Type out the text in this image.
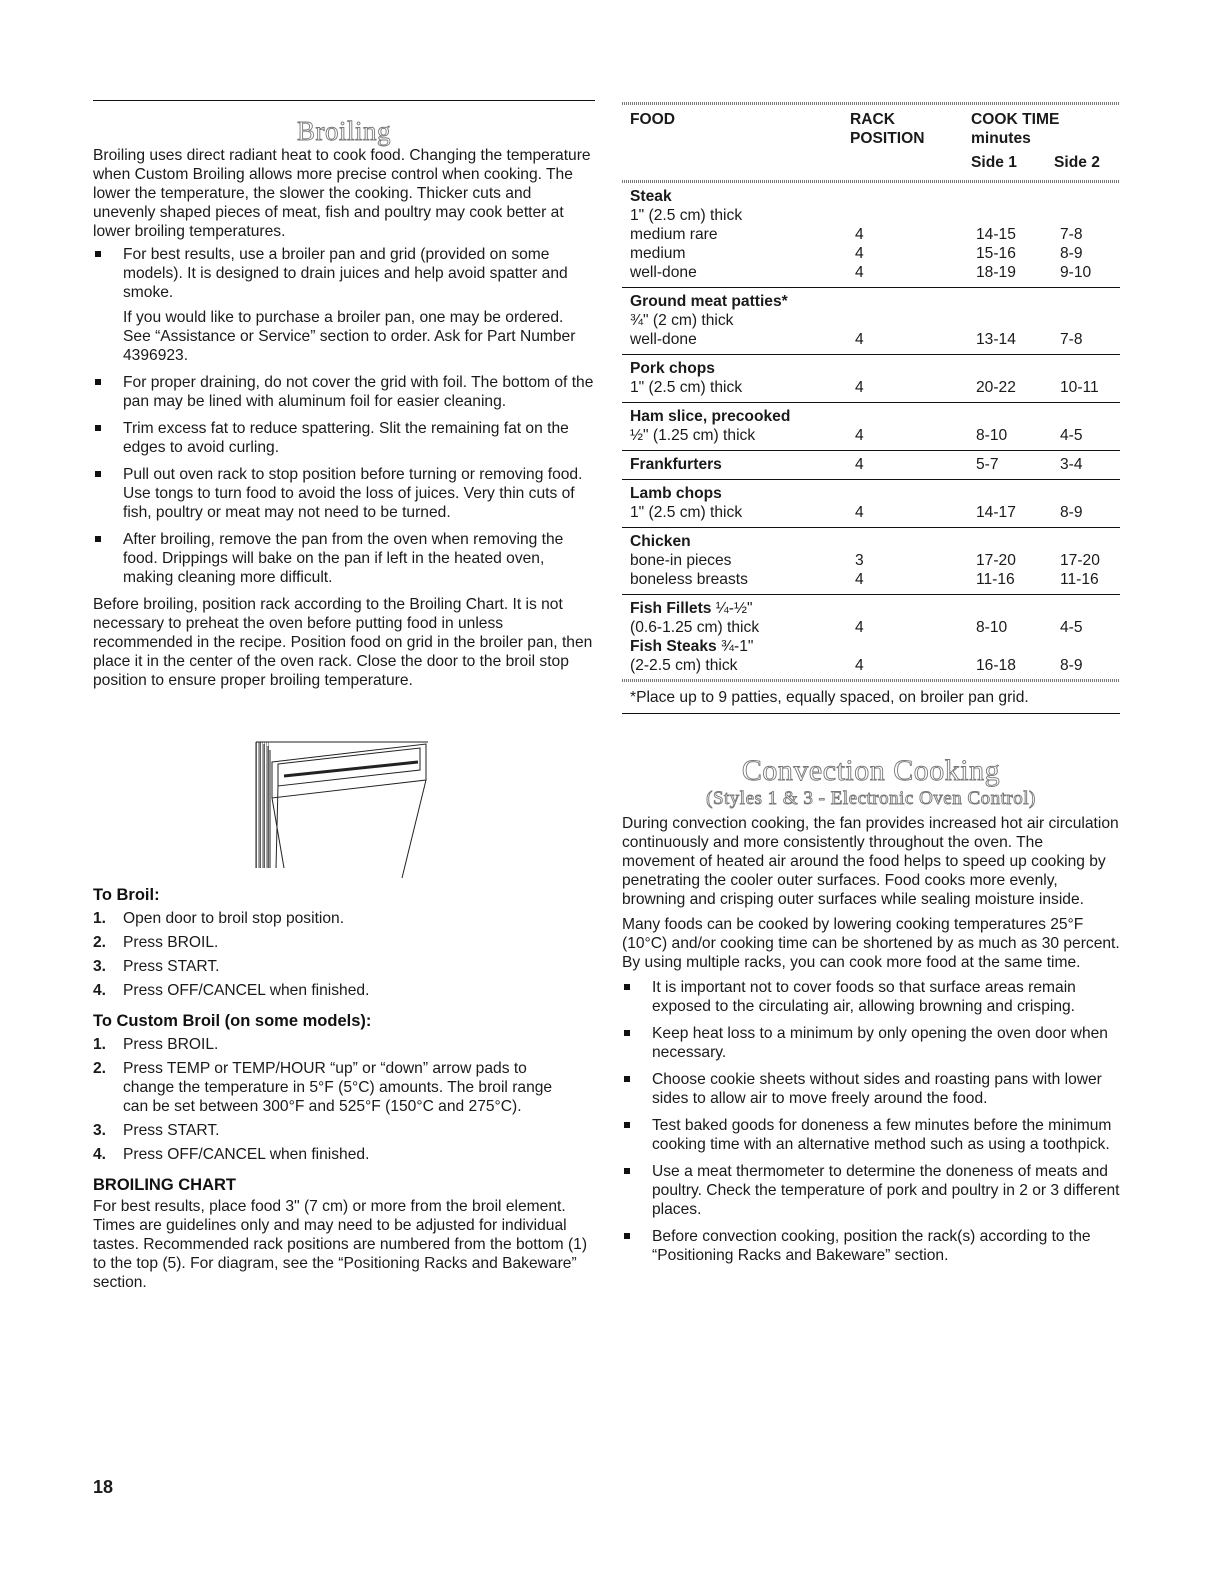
Broiling

Broiling uses direct radiant heat to cook food. Changing the temperature when Custom Broiling allows more precise control when cooking. The lower the temperature, the slower the cooking. Thicker cuts and unevenly shaped pieces of meat, fish and poultry may cook better at lower broiling temperatures.

For best results, use a broiler pan and grid (provided on some models). It is designed to drain juices and help avoid spatter and smoke.
If you would like to purchase a broiler pan, one may be ordered. See “Assistance or Service” section to order. Ask for Part Number 4396923.
For proper draining, do not cover the grid with foil. The bottom of the pan may be lined with aluminum foil for easier cleaning.
Trim excess fat to reduce spattering. Slit the remaining fat on the edges to avoid curling.
Pull out oven rack to stop position before turning or removing food. Use tongs to turn food to avoid the loss of juices. Very thin cuts of fish, poultry or meat may not need to be turned.
After broiling, remove the pan from the oven when removing the food. Drippings will bake on the pan if left in the heated oven, making cleaning more difficult.

Before broiling, position rack according to the Broiling Chart. It is not necessary to preheat the oven before putting food in unless recommended in the recipe. Position food on grid in the broiler pan, then place it in the center of the oven rack. Close the door to the broil stop position to ensure proper broiling temperature.

To Broil:
1. Open door to broil stop position.
2. Press BROIL.
3. Press START.
4. Press OFF/CANCEL when finished.
To Custom Broil (on some models):
1. Press BROIL.
2. Press TEMP or TEMP/HOUR “up” or “down” arrow pads to change the temperature in 5°F (5°C) amounts. The broil range can be set between 300°F and 525°F (150°C and 275°C).
3. Press START.
4. Press OFF/CANCEL when finished.
BROILING CHART

For best results, place food 3" (7 cm) or more from the broil element. Times are guidelines only and may need to be adjusted for individual tastes. Recommended rack positions are numbered from the bottom (1) to the top (5). For diagram, see the “Positioning Racks and Bakeware” section.

FOOD	RACK
POSITION
COOK TIME
minutes
Side 1 Side 2
Steak
1" (2.5 cm) thick
medium rare	4	14-15	7-8
medium	4	15-16	8-9
well-done	4	18-19	9-10
Ground meat patties*
¾" (2 cm) thick
well-done	4	13-14	7-8
Pork chops
1" (2.5 cm) thick	4	20-22	10-11
Ham slice, precooked
½" (1.25 cm) thick	4	8-10	4-5
Frankfurters	4	5-7	3-4
Lamb chops
1" (2.5 cm) thick	4	14-17	8-9
Chicken
bone-in pieces	3	17-20	17-20
boneless breasts	4	11-16	11-16
Fish Fillets ¼-½"
(0.6-1.25 cm) thick	4	8-10	4-5
Fish Steaks ¾-1"
(2-2.5 cm) thick	4	16-18	8-9
*Place up to 9 patties, equally spaced, on broiler pan grid.
Convection Cooking
(Styles 1 & 3 - Electronic Oven Control)

During convection cooking, the fan provides increased hot air circulation continuously and more consistently throughout the oven. The movement of heated air around the food helps to speed up cooking by penetrating the cooler outer surfaces. Food cooks more evenly, browning and crisping outer surfaces while sealing moisture inside.

Many foods can be cooked by lowering cooking temperatures 25°F (10°C) and/or cooking time can be shortened by as much as 30 percent. By using multiple racks, you can cook more food at the same time.

It is important not to cover foods so that surface areas remain exposed to the circulating air, allowing browning and crisping.
Keep heat loss to a minimum by only opening the oven door when necessary.
Choose cookie sheets without sides and roasting pans with lower sides to allow air to move freely around the food.
Test baked goods for doneness a few minutes before the minimum cooking time with an alternative method such as using a toothpick.
Use a meat thermometer to determine the doneness of meats and poultry. Check the temperature of pork and poultry in 2 or 3 different places.
Before convection cooking, position the rack(s) according to the “Positioning Racks and Bakeware” section.
18
